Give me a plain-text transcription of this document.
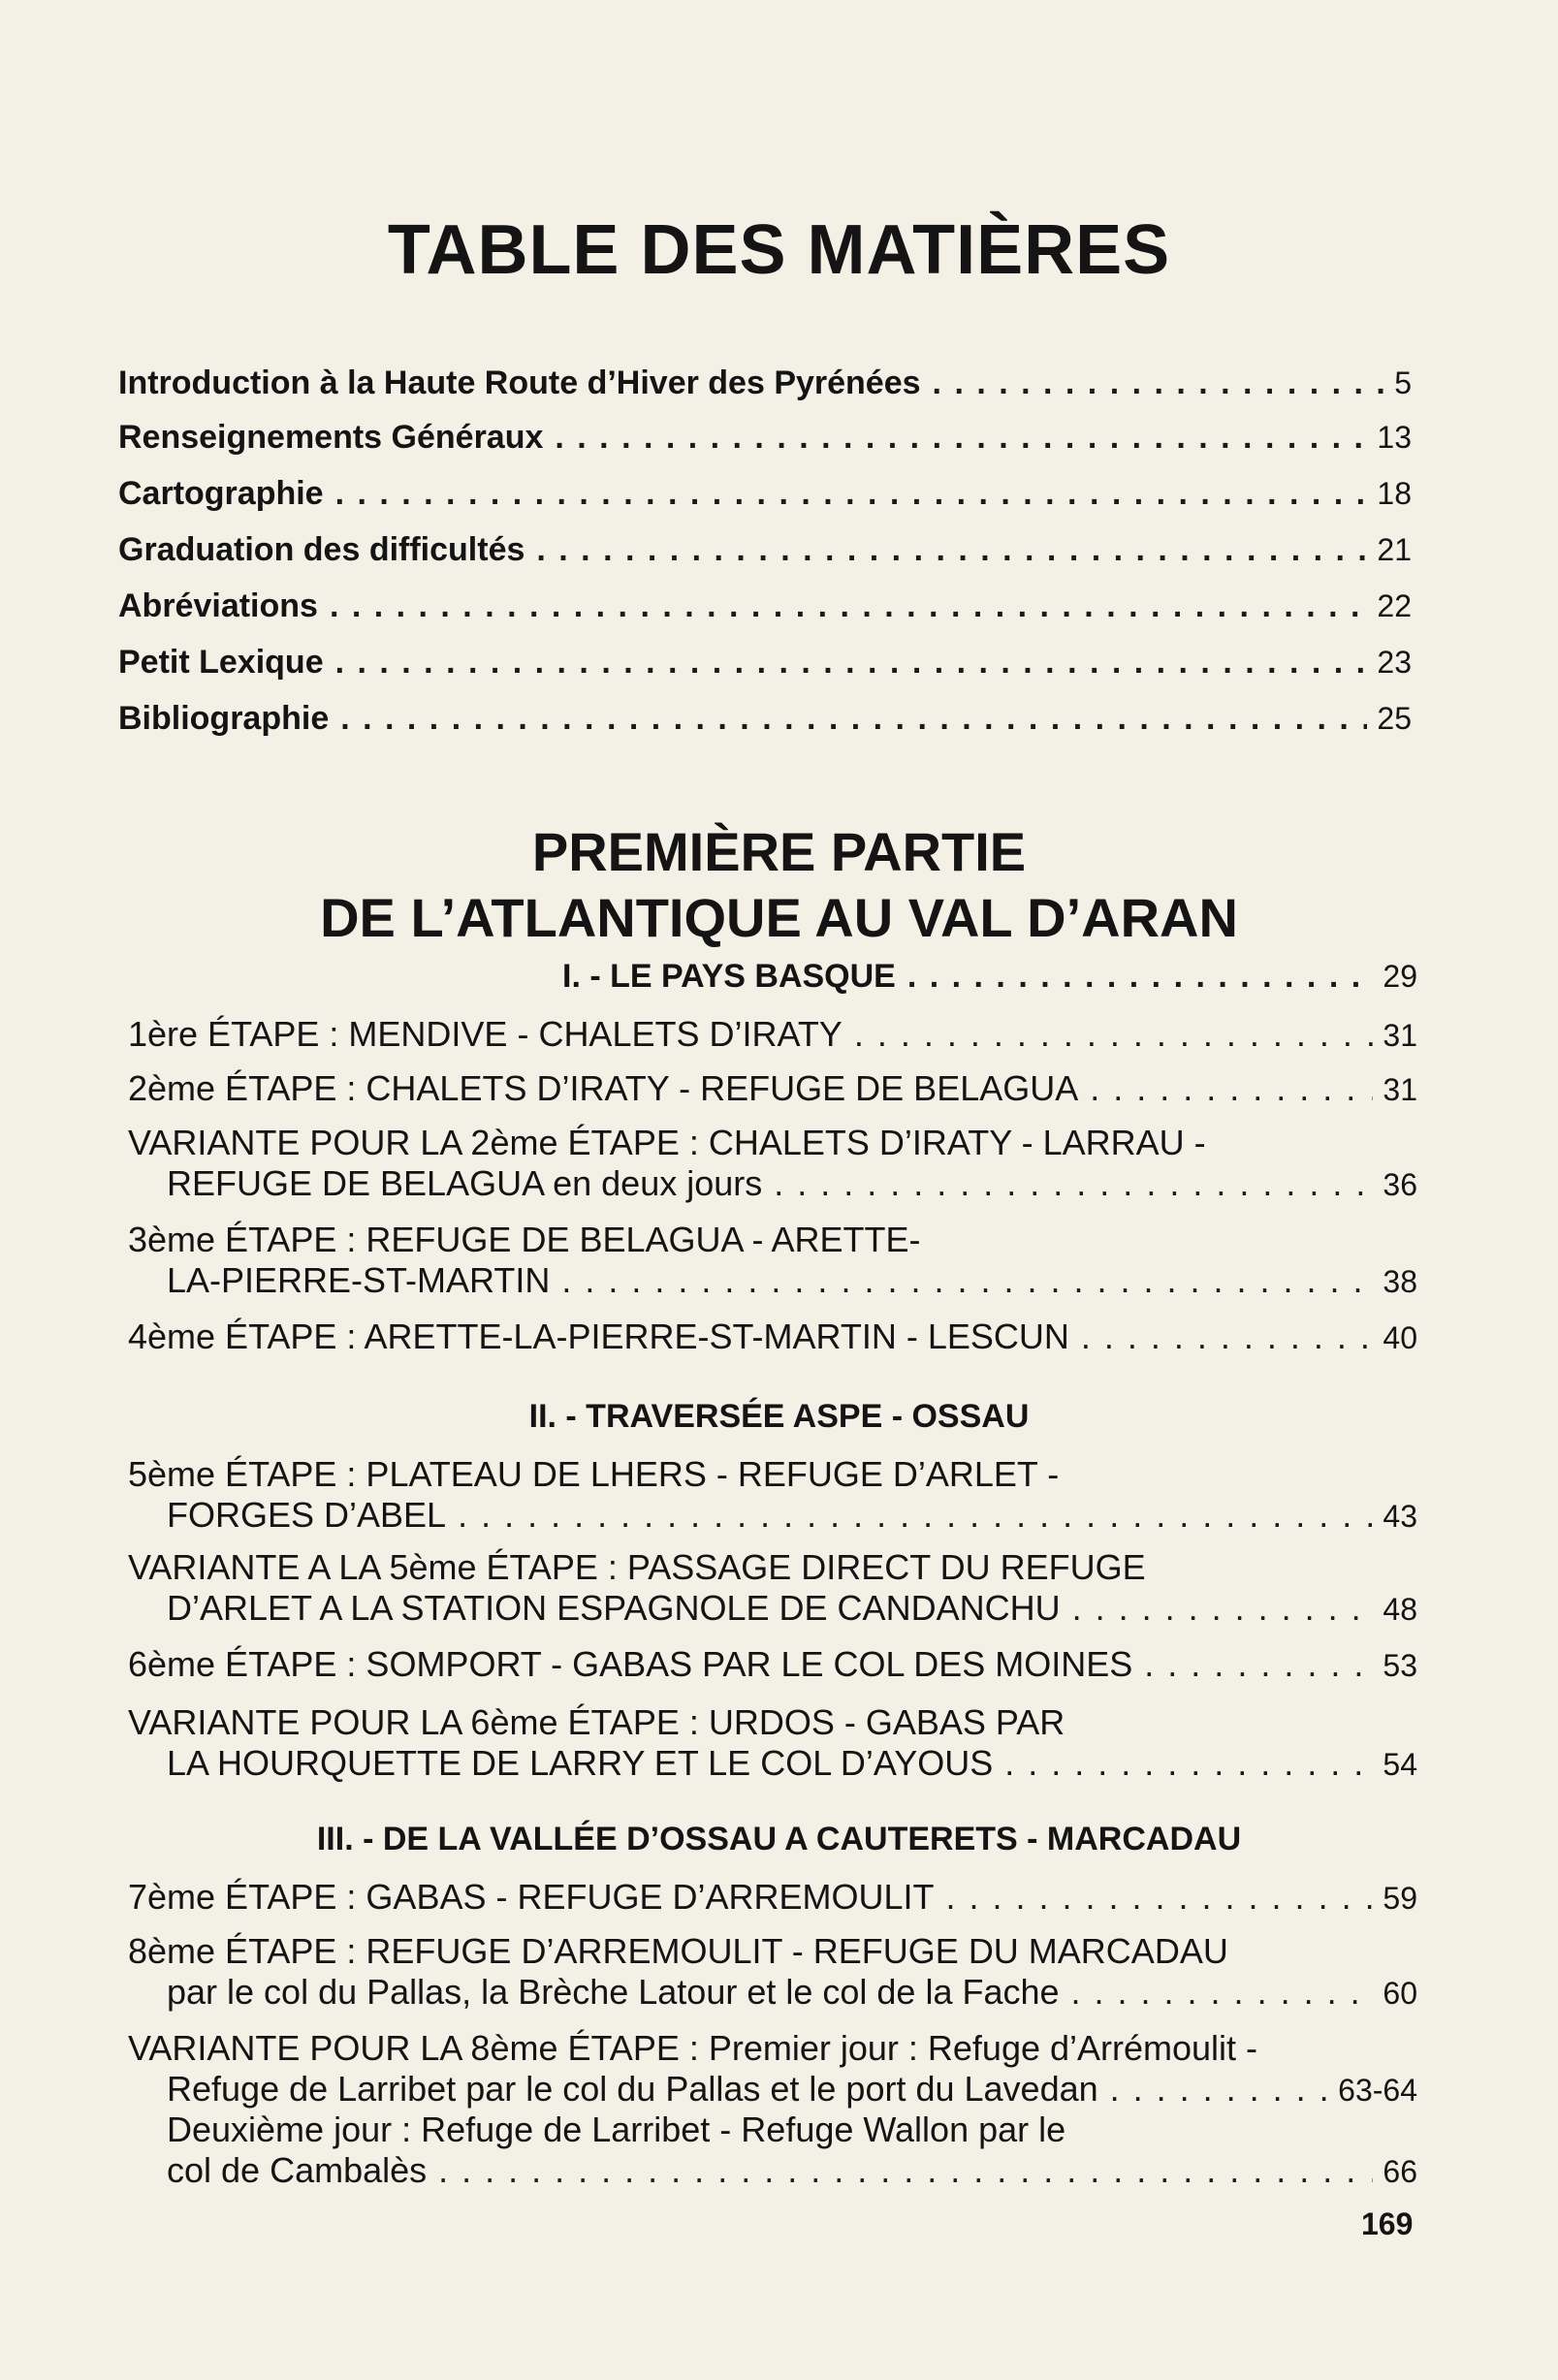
TABLE DES MATIÈRES
Introduction à la Haute Route d’Hiver des Pyrénées . . .	5
Renseignements Généraux . . .	13
Cartographie . . .	18
Graduation des difficultés . . .	21
Abréviations . . .	22
Petit Lexique . . .	23
Bibliographie . . .	25
PREMIÈRE PARTIE
DE L’ATLANTIQUE AU VAL D’ARAN
I. - LE PAYS BASQUE . . .	29
1ère ÉTAPE : MENDIVE - CHALETS D’IRATY . . .	31
2ème ÉTAPE : CHALETS D’IRATY - REFUGE DE BELAGUA . . .	31
VARIANTE POUR LA 2ème ÉTAPE : CHALETS D’IRATY - LARRAU -
REFUGE DE BELAGUA en deux jours . . .	36
3ème ÉTAPE : REFUGE DE BELAGUA - ARETTE-
LA-PIERRE-ST-MARTIN . . .	38
4ème ÉTAPE : ARETTE-LA-PIERRE-ST-MARTIN - LESCUN . . .	40
II. - TRAVERSÉE ASPE - OSSAU
5ème ÉTAPE : PLATEAU DE LHERS - REFUGE D’ARLET -
FORGES D’ABEL . . .	43
VARIANTE A LA 5ème ÉTAPE : PASSAGE DIRECT DU REFUGE
D’ARLET A LA STATION ESPAGNOLE DE CANDANCHU . . .	48
6ème ÉTAPE : SOMPORT - GABAS PAR LE COL DES MOINES . . .	53
VARIANTE POUR LA 6ème ÉTAPE : URDOS - GABAS PAR
LA HOURQUETTE DE LARRY ET LE COL D’AYOUS . . .	54
III. - DE LA VALLÉE D’OSSAU A CAUTERETS - MARCADAU
7ème ÉTAPE : GABAS - REFUGE D’ARREMOULIT . . .	59
8ème ÉTAPE : REFUGE D’ARREMOULIT - REFUGE DU MARCADAU
par le col du Pallas, la Brèche Latour et le col de la Fache . . .	60
VARIANTE POUR LA 8ème ÉTAPE : Premier jour : Refuge d’Arrémoulit -
Refuge de Larribet par le col du Pallas et le port du Lavedan . . .	63-64
Deuxième jour : Refuge de Larribet - Refuge Wallon par le
col de Cambalès . . .	66
169
